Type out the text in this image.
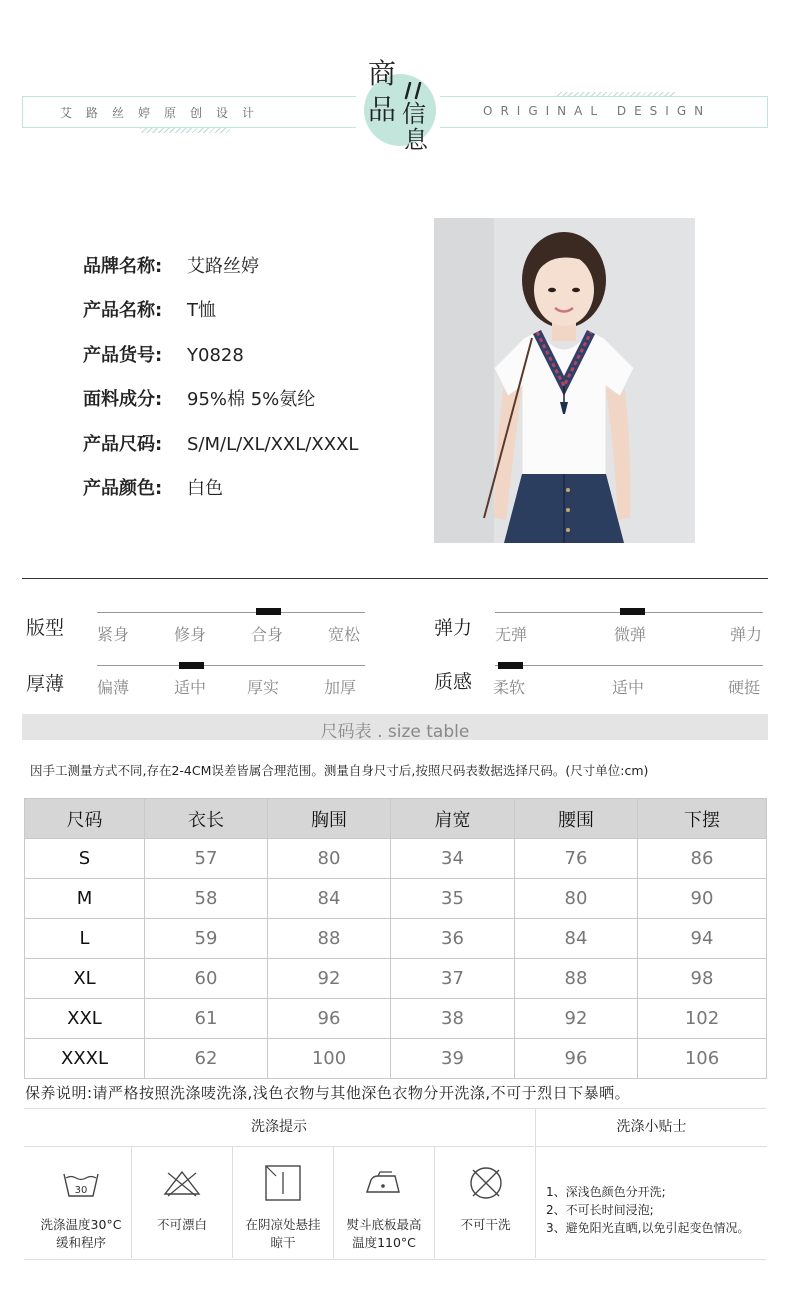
艾路丝婷原创设计	ORIGINAL DESIGN
商
品 信
息
品牌名称: 艾路丝婷
产品名称: T恤
产品货号: Y0828
面料成分: 95%棉 5%氨纶
产品尺码: S/M/L/XL/XXL/XXXL
产品颜色: 白色
版型 紧身	修身	合身	宽松
厚薄 偏薄	适中	厚实	加厚
弹力 无弹	微弹	弹力
质感 柔软	适中	硬挺
尺码表 . size table
因手工测量方式不同,存在2-4CM误差皆属合理范围。测量自身尺寸后,按照尺码表数据选择尺码。(尺寸单位:cm)
尺码	衣长	胸围	肩宽	腰围	下摆
S	57	80	34	76	86
M	58	84	35	80	90
L	59	88	36	84	94
XL	60	92	37	88	98
XXL	61	96	38	92	102
XXXL	62	100	39	96	106
保养说明:请严格按照洗涤唛洗涤,浅色衣物与其他深色衣物分开洗涤,不可于烈日下暴晒。
洗涤提示	洗涤小贴士
30
洗涤温度30°C
缓和程序
不可漂白	在阴凉处悬挂
晾干
熨斗底板最高
温度110°C
不可干洗
1、深浅色颜色分开洗;
2、不可长时间浸泡;
3、避免阳光直晒,以免引起变色情况。
